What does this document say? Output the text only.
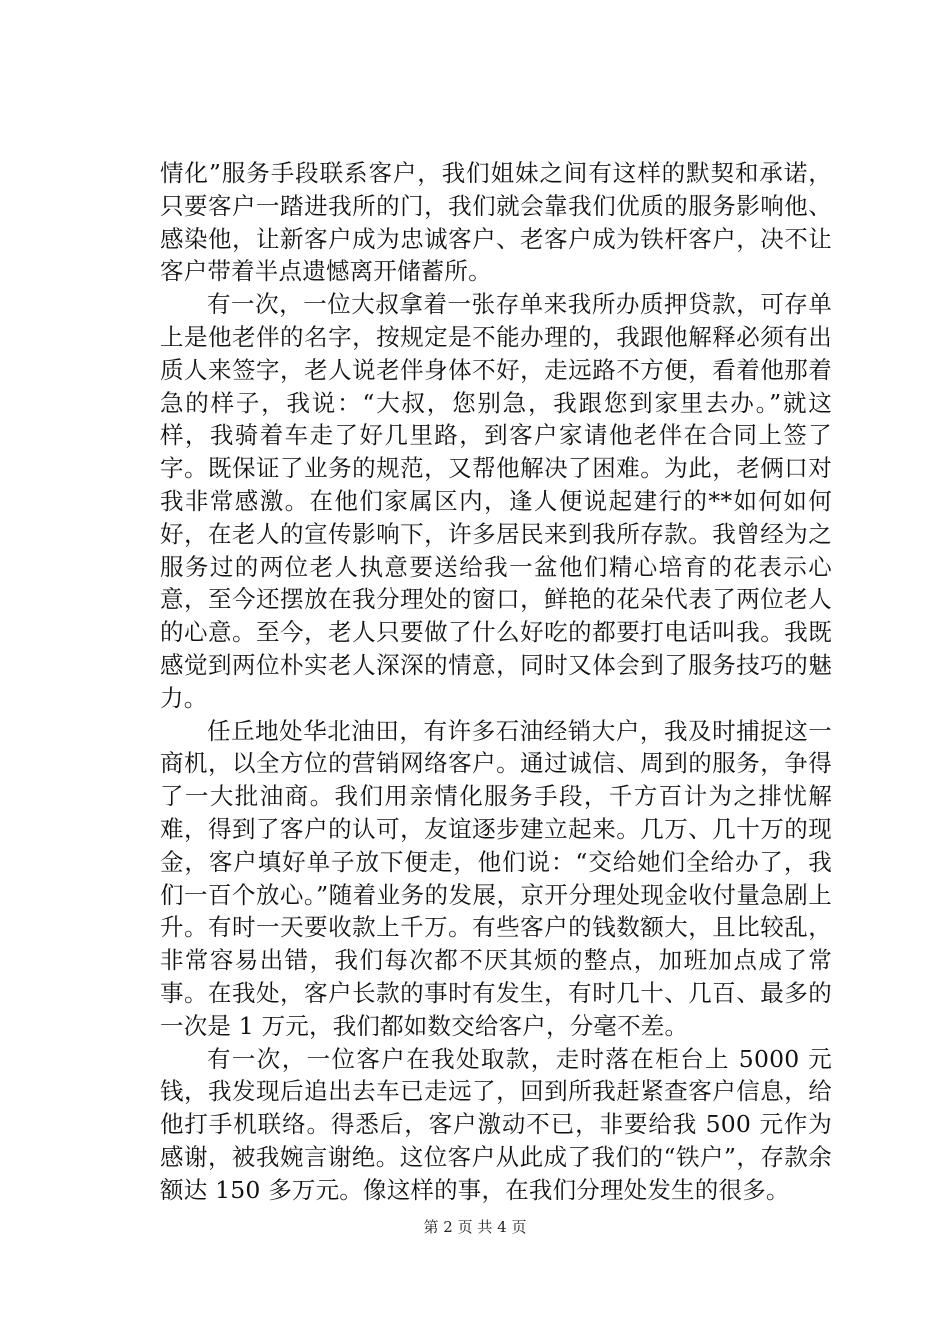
情化”服务手段联系客户，我们姐妹之间有这样的默契和承诺，只要客户一踏进我所的门，我们就会靠我们优质的服务影响他、感染他，让新客户成为忠诚客户、老客户成为铁杆客户，决不让客户带着半点遗憾离开储蓄所。

有一次，一位大叔拿着一张存单来我所办质押贷款，可存单上是他老伴的名字，按规定是不能办理的，我跟他解释必须有出质人来签字，老人说老伴身体不好，走远路不方便，看着他那着急的样子，我说：“大叔，您别急，我跟您到家里去办。”就这样，我骑着车走了好几里路，到客户家请他老伴在合同上签了字。既保证了业务的规范，又帮他解决了困难。为此，老俩口对我非常感激。在他们家属区内，逢人便说起建行的**如何如何好，在老人的宣传影响下，许多居民来到我所存款。我曾经为之服务过的两位老人执意要送给我一盆他们精心培育的花表示心意，至今还摆放在我分理处的窗口，鲜艳的花朵代表了两位老人的心意。至今，老人只要做了什么好吃的都要打电话叫我。我既感觉到两位朴实老人深深的情意，同时又体会到了服务技巧的魅力。

任丘地处华北油田，有许多石油经销大户，我及时捕捉这一商机，以全方位的营销网络客户。通过诚信、周到的服务，争得了一大批油商。我们用亲情化服务手段，千方百计为之排忧解难，得到了客户的认可，友谊逐步建立起来。几万、几十万的现金，客户填好单子放下便走，他们说：“交给她们全给办了，我们一百个放心。”随着业务的发展，京开分理处现金收付量急剧上升。有时一天要收款上千万。有些客户的钱数额大，且比较乱，非常容易出错，我们每次都不厌其烦的整点，加班加点成了常事。在我处，客户长款的事时有发生，有时几十、几百、最多的一次是 1 万元，我们都如数交给客户，分毫不差。

有一次，一位客户在我处取款，走时落在柜台上 5000 元钱，我发现后追出去车已走远了，回到所我赶紧查客户信息，给他打手机联络。得悉后，客户激动不已，非要给我 500 元作为感谢，被我婉言谢绝。这位客户从此成了我们的“铁户”，存款余额达 150 多万元。像这样的事，在我们分理处发生的很多。

第 2 页 共 4 页
